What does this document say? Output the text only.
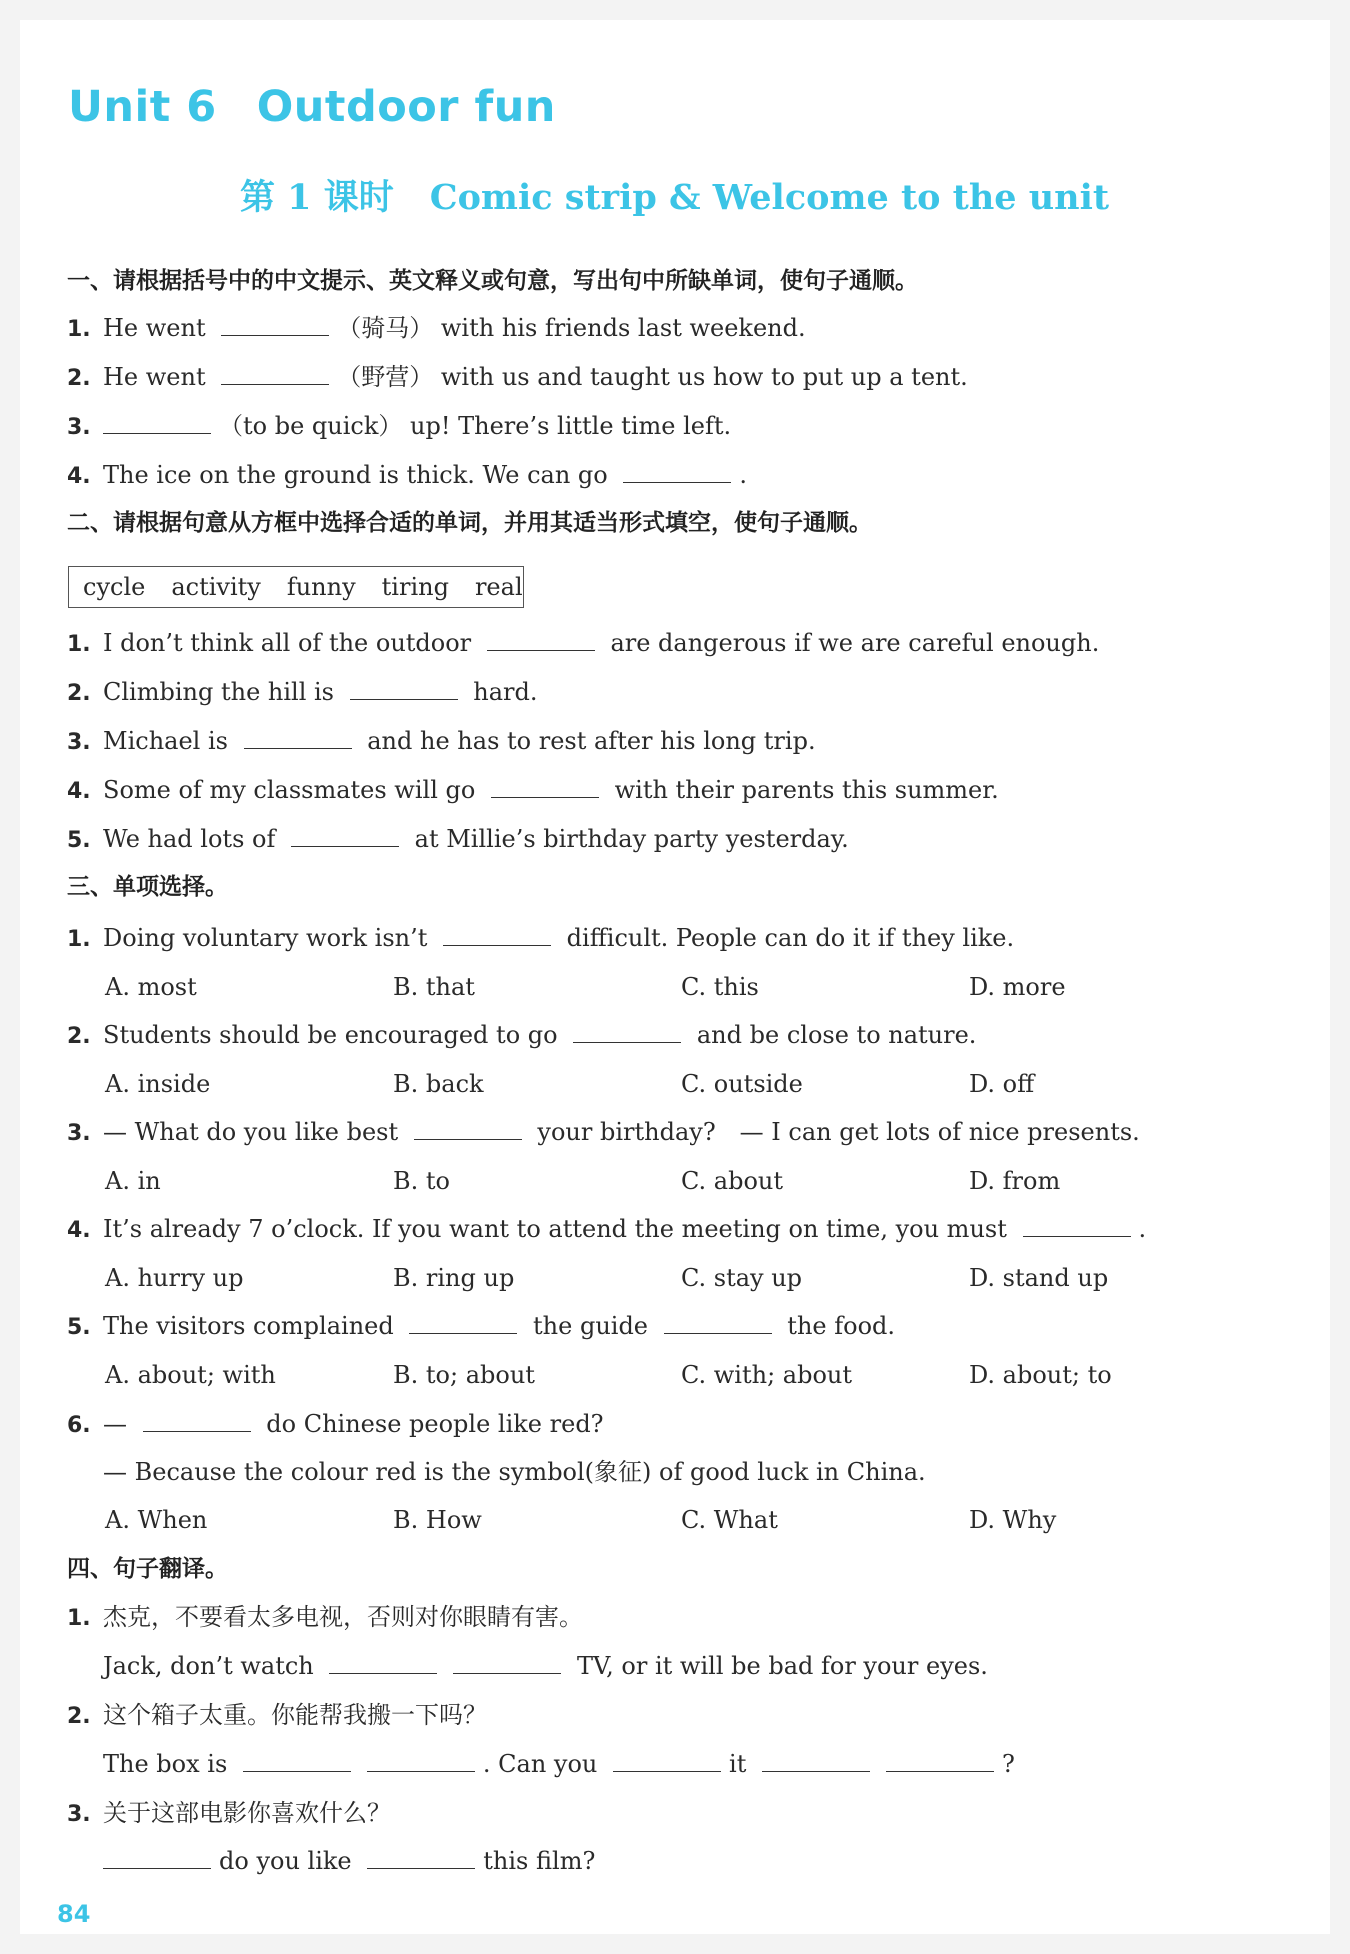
Unit 6 Outdoor fun
第 1 课时 Comic strip & Welcome to the unit
一、请根据括号中的中文提示、英文释义或句意，写出句中所缺单词，使句子通顺。
1. He went	（骑马） with his friends last weekend.
2. He went	（野营） with us and taught us how to put up a tent.
3.	（to be quick） up! There’s little time left.
4. The ice on the ground is thick. We can go	.
二、请根据句意从方框中选择合适的单词，并用其适当形式填空，使句子通顺。
cycle activity funny tiring real
1. I don’t think all of the outdoor	are dangerous if we are careful enough.
2. Climbing the hill is	hard.
3. Michael is	and he has to rest after his long trip.
4. Some of my classmates will go	with their parents this summer.
5. We had lots of	at Millie’s birthday party yesterday.
三、单项选择。
1. Doing voluntary work isn’t	difficult. People can do it if they like.
A. most	B. that	C. this	D. more
2. Students should be encouraged to go	and be close to nature.
A. inside	B. back	C. outside	D. off
3. — What do you like best	your birthday?　— I can get lots of nice presents.
A. in	B. to	C. about	D. from
4. It’s already 7 o’clock. If you want to attend the meeting on time, you must	.
A. hurry up	B. ring up	C. stay up	D. stand up
5. The visitors complained	the guide	the food.
A. about; with	B. to; about	C. with; about	D. about; to
6. —	do Chinese people like red?
— Because the colour red is the symbol(象征) of good luck in China.
A. When	B. How	C. What	D. Why
四、句子翻译。
1. 杰克，不要看太多电视，否则对你眼睛有害。
Jack, don’t watch	TV, or it will be bad for your eyes.
2. 这个箱子太重。你能帮我搬一下吗？
The box is	. Can you	it	?
3. 关于这部电影你喜欢什么？
do you like	this film?
84
